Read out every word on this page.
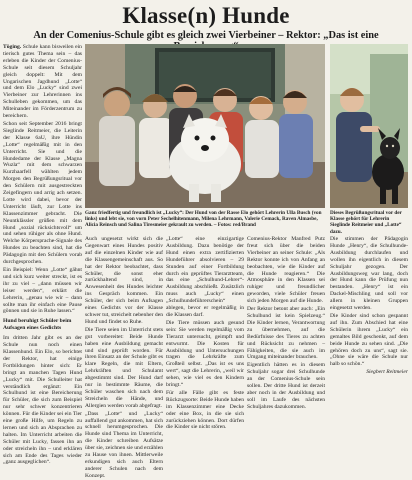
Klasse(n) Hunde
An der Comenius-Schule gibt es gleich zwei Vierbeiner – Rektor: „Das ist eine

Töging. Schule kann bisweilen ein tierisch gutes Thema sein – das erleben die Kinder der Comenius-Schule seit diesem Schuljahr gleich doppelt: Mit dem Ungarischen Jagdhund „Lotte“ und dem Elo „Lucky“ sind zwei Vierbeiner zur Lehrerinnen ins Schulleben gekommen, um das Miteinander im Förderzentrum zu bereichern.

Schon seit September 2016 bringt Sieglinde Reitmeier, die Leiterin der Klasse 6aU, ihre Hündin „Lotte“ regelmäßig mit in den Unterricht. Sie und die Hundedame der Klasse „Magna Wuzla“ mit dem schwarzen Kurzhaarfell wählten jedem Morgen den Begrüßungsritual vor den Schülern mit ausgestreckten Zeigefingern und arrig ach setzen. Lotte wird dabei, bevor der Unterricht läuft, zur Lotte ins Klassenzimmer gebracht. Die Neuntklässler grüßen mit dem Hund „sozial rücksichtsvoll“ um und sehen rühiger als ohne Hund. Welche Körpersprache-Signale des Hundes zu beachten sind, hat die Pädagogin mit den Schülern vorab durchgesprochen.

Ein Beispiel: Wenn „Lotte“ gähnt und sich kurz weiter streckt, ist es ihr zu viel – „dann müssen wir leiser werden“, erklärt die Lehrerin, „genau wie wir – dann sollte man ihr einfach eine Pause gönnen und sie in Ruhe lassen.“

Hund beruhigt Schüler beim Aufsagen eines Gedichts

Im dritten Jahr gibt es an der Schule nun noch einen Klassenhund. Ein Elo, so berichtet der Rektor, hat einige Fortbildungen hinter sich: Er bringt an manchen Tagen Hund „Lucky“ mit. Die Schulleiter hat verständlich ergänzt: Ein Schulhund ist eine Bereicherung für Schüler, die sich zum Beispiel nur sehr schwer konzentrieren können. Für die Kinder sei ein Tier eine große Hilfe, um Regeln zu lernen und sich an Absprachen zu halten. Im Unterricht arbeiten die Schüler mit Lucky, fassen ihn an oder streicheln ihn – und erklären sich am Ende des Tages wieder „ganz ausgeglichen“.

Ganz friedfertig und freundlich ist „Lucky“: Der Hund von der Rasse Elo gehört Lehrerin Ulla Busch (von links) und lebt sie, von vorn Peter Sechelhitenmann, Milena Lehrmann, Valerie Cemack, Raven Almasbe, Alicia Reinsch und Salina Tiresmeier gekrault zu werden. – Fotos: red/Brand
Dieses Begrüßungsritual vor der Klasse gehört für Lehrerin Sieglinde Reitmeier und „Lotte“ dazu.

Auch ungesetzt wirkt sich die Gegenwart eines Hundes positiv auf die einzelnen Kinder wie auf die Klassengemeinschaft aus. So hat der Rektor beobachtet, dass Schüler, die sonst eher zurückhaltend sind, in Anwesenheit des Hundes leichter ins Gespräch kommen. Ein Schüler, der sich beim Aufsagen eines Gedichts vor der Klasse schwer tut, streichelt nebenher den Hund und findet so Ruhe.

Die Tiere seien im Unterricht stets gut vorbereitet: Beide Hunde haben eine Ausbildung gemacht und sind geprüft worden. Für ihren Einsatz an der Schule gibt es klare Regeln, die mit Eltern, Lehrkräften und Schulamt abgestimmt sind. Der Hund darf nur in bestimmte Räume, die Schüler waschen sich nach dem Streicheln die Hände, und Allergien werden vorab abgefragt.

„Dass „Lotte“ und „Lucky“ auffallend gut ankommen, hat sich schnell herumgesprochen. Die Hunde sind Thema im Unterricht, die Kinder schreiben Aufsätze über sie, zeichnen sie und erzählen zu Hause von ihnen. Mittlerweile erkundigen sich auch Eltern anderer Schulen nach dem Konzept.

„Lotte“ eine einzigartige Ausbildung. Dazu benötige der Hund einen extra zertifizierten Hundeführer absolvieren – 29 Stunden auf einer Fortbildung durch ein geprüftes Tierarztteam, das eine „Schulhund-Lehrer“-Ausbildung abschließt. Zusätzlich muss auch „Lucky“ einen „Schulhundeführerschein“ ablegen, bevor er regelmäßig in die Klassen darf.

Die Tiere müssen auch gesund sein: Sie werden regelmäßig vom Tierarzt untersucht, geimpft und entwurmt. Die Kosten für Ausbildung und Untersuchungen tragen die Lehrkräfte zum Großteil selbst. „Das ist es uns wert“, sagt die Lehrerin, „weil wir sehen, wie viel es den Kindern bringt.“

Für alle Fälle gibt es feste Rückzugsorte: Beide Hunde haben im Klassenzimmer eine Decke oder eine Box, in die sie sich zurückziehen können. Dort dürfen die Kinder sie nicht stören.

Comenius-Rektor Manfred Putz freut sich über die beiden Vierbeiner an seiner Schule: „Als Rektor konnte ich von Anfang an beobachten, wie die Kinder auf die Hunde reagieren.“ Die Atmosphäre in den Klassen sei ruhiger und freundlicher geworden, viele Schüler freuen sich jeden Morgen auf die Hunde.

Der Rektor betont aber auch: „Ein Schulhund ist kein Spielzeug.“ Die Kinder lernen, Verantwortung zu übernehmen, auf die Bedürfnisse des Tieres zu achten und Rücksicht zu nehmen – Fähigkeiten, die sie auch im Umgang miteinander brauchen.

Eigentlich hätten es in diesem Schuljahr sogar drei Schulhunde an der Comenius-Schule sein sollen. Der dritte Hund ist derzeit aber noch in der Ausbildung und soll im Laufe des nächsten Schuljahres dazukommen.

Die stimmen der Pädagogin Hunde „Henry“, die Schulhunde-Ausbildung durchlaufen und wollen ihn eigentlich in diesem Schuljahr gezogen. Der Ausbildungsweg war lang, doch der Hund kann die Prüfung nun bestanden. „Henry“ ist ein Dackel-Mischling und soll vor allem in kleinen Gruppen eingesetzt werden.

Die Kinder sind schon gespannt auf ihn. Zum Abschied hat eine Schülerin ihrem „Lucky“ ein gemaltes Bild geschenkt, auf dem beide Hunde zu sehen sind. „Die gehören doch zu uns“, sagt sie. „Ohne sie wäre die Schule nur halb so schön.“

Siegbert Reitmeier
